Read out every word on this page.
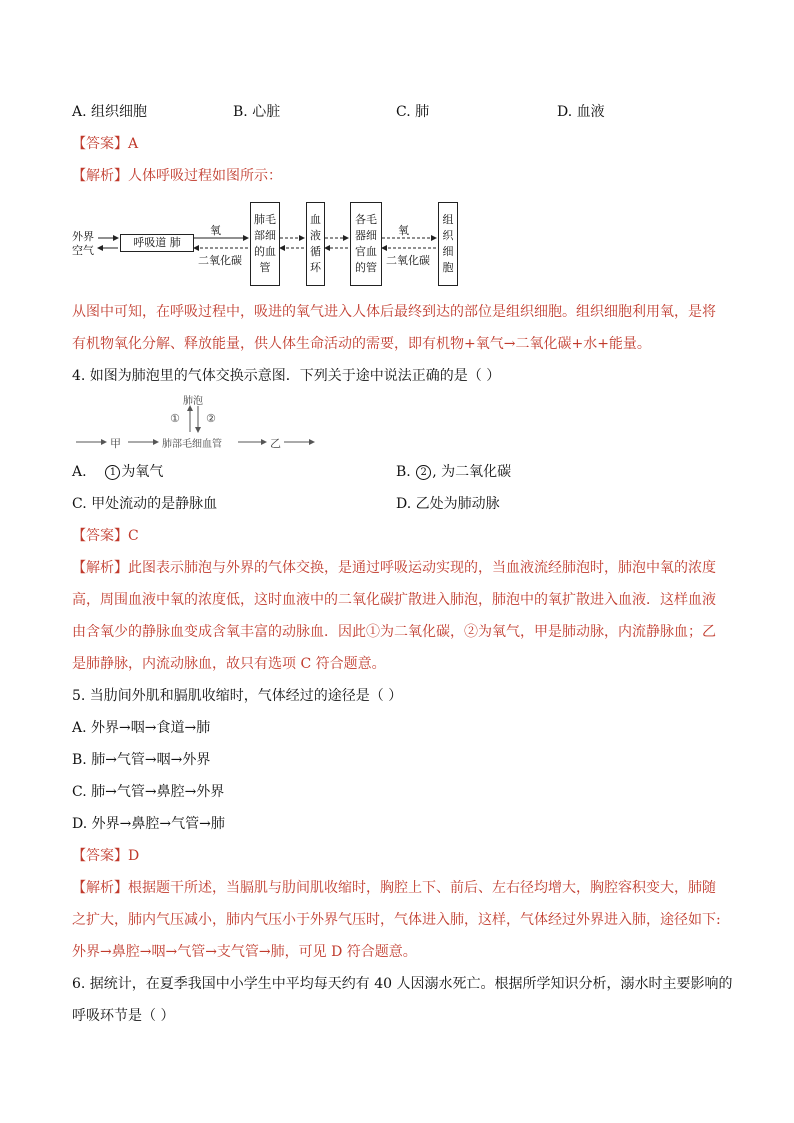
A. 组织细胞	B. 心脏	C. 肺	D. 血液
【答案】A
【解析】人体呼吸过程如图所示：
外界
空气
呼吸道 肺
氧
二氧化碳
肺毛
部细
的血
管
血
液
循
环
各毛
器细
官血
的管
氧
二氧化碳
组
织
细
胞
从图中可知，在呼吸过程中，吸进的氧气进入人体后最终到达的部位是组织细胞。组织细胞利用氧，是将
有机物氧化分解、释放能量，供人体生命活动的需要，即有机物+氧气→二氧化碳+水+能量。
4. 如图为肺泡里的气体交换示意图．下列关于途中说法正确的是（ ）
肺泡
① ②
甲	肺部毛细血管	乙
A. 1 为氧气	B. 2 , 为二氧化碳
C. 甲处流动的是静脉血	D. 乙处为肺动脉
【答案】C
【解析】此图表示肺泡与外界的气体交换，是通过呼吸运动实现的，当血液流经肺泡时，肺泡中氧的浓度
高，周围血液中氧的浓度低，这时血液中的二氧化碳扩散进入肺泡，肺泡中的氧扩散进入血液．这样血液
由含氧少的静脉血变成含氧丰富的动脉血．因此①为二氧化碳，②为氧气，甲是肺动脉，内流静脉血；乙
是肺静脉，内流动脉血，故只有选项 C 符合题意。
5. 当肋间外肌和膈肌收缩时，气体经过的途径是（ ）
A. 外界→咽→食道→肺
B. 肺→气管→咽→外界
C. 肺→气管→鼻腔→外界
D. 外界→鼻腔→气管→肺
【答案】D
【解析】根据题干所述，当膈肌与肋间肌收缩时，胸腔上下、前后、左右径均增大，胸腔容积变大，肺随
之扩大，肺内气压减小，肺内气压小于外界气压时，气体进入肺，这样，气体经过外界进入肺，途径如下:
外界→鼻腔→咽→气管→支气管→肺，可见 D 符合题意。
6. 据统计，在夏季我国中小学生中平均每天约有 40 人因溺水死亡。根据所学知识分析，溺水时主要影响的
呼吸环节是（ ）
